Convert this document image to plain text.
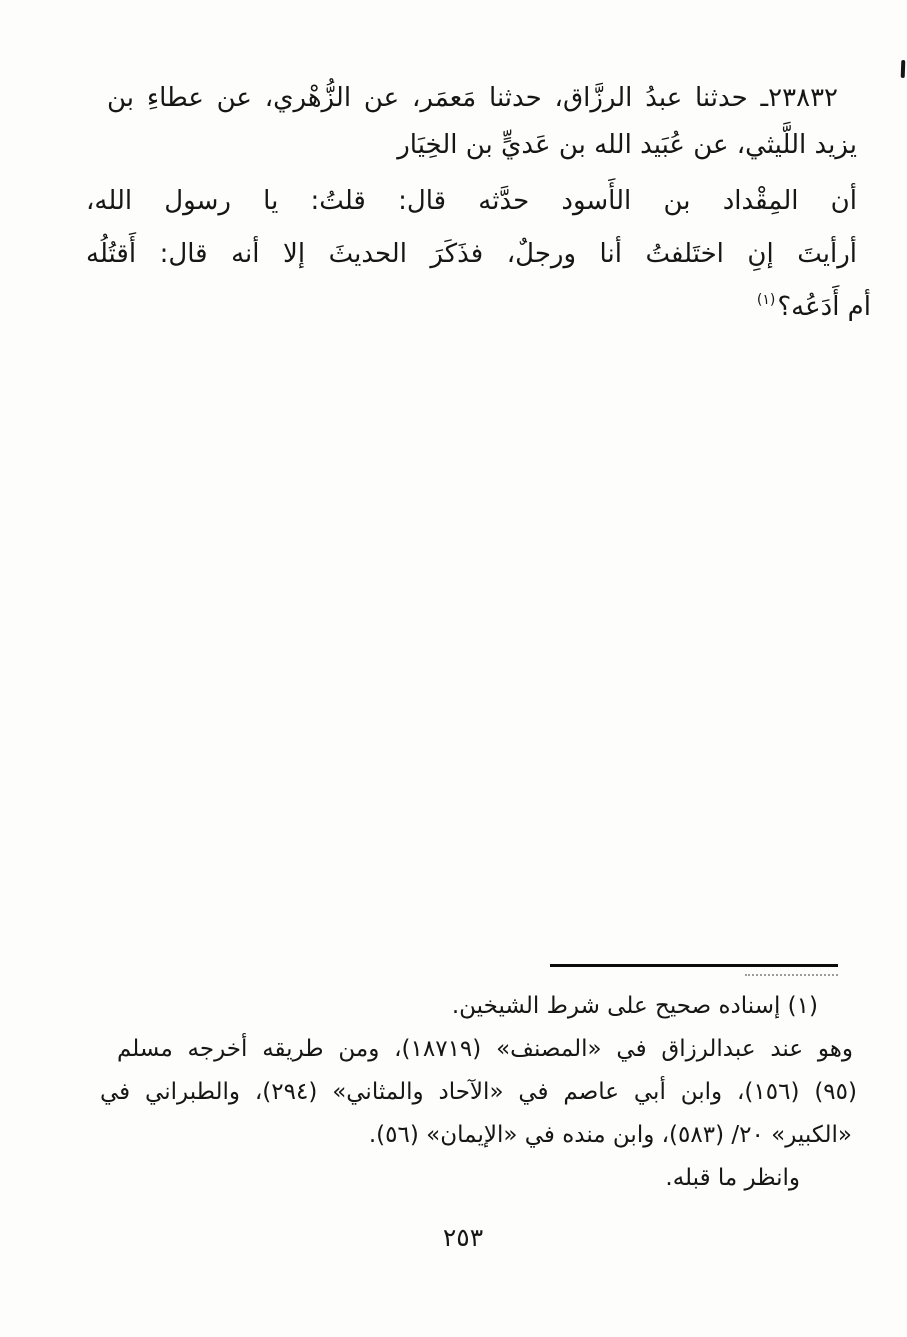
٢٣٨٣٢ـ حدثنا عبدُ الرزَّاق، حدثنا مَعمَر، عن الزُّهْري، عن عطاءِ بن
يزيد اللَّيثي، عن عُبَيد الله بن عَديٍّ بن الخِيَار
أن المِقْداد بن الأَسود حدَّثه قال: قلتُ: يا رسول الله،
أرأيتَ إنِ اختَلفتُ أنا ورجلٌ، فذَكَرَ الحديثَ إلا أنه قال: أَقتُلُه
أم أَدَعُه؟(١)
(١) إسناده صحيح على شرط الشيخين.
وهو عند عبدالرزاق في «المصنف» (١٨٧١٩)، ومن طريقه أخرجه مسلم
(٩٥) (١٥٦)، وابن أبي عاصم في «الآحاد والمثاني» (٢٩٤)، والطبراني في
«الكبير» ٢٠/ (٥٨٣)، وابن منده في «الإيمان» (٥٦).
وانظر ما قبله.
٢٥٣
